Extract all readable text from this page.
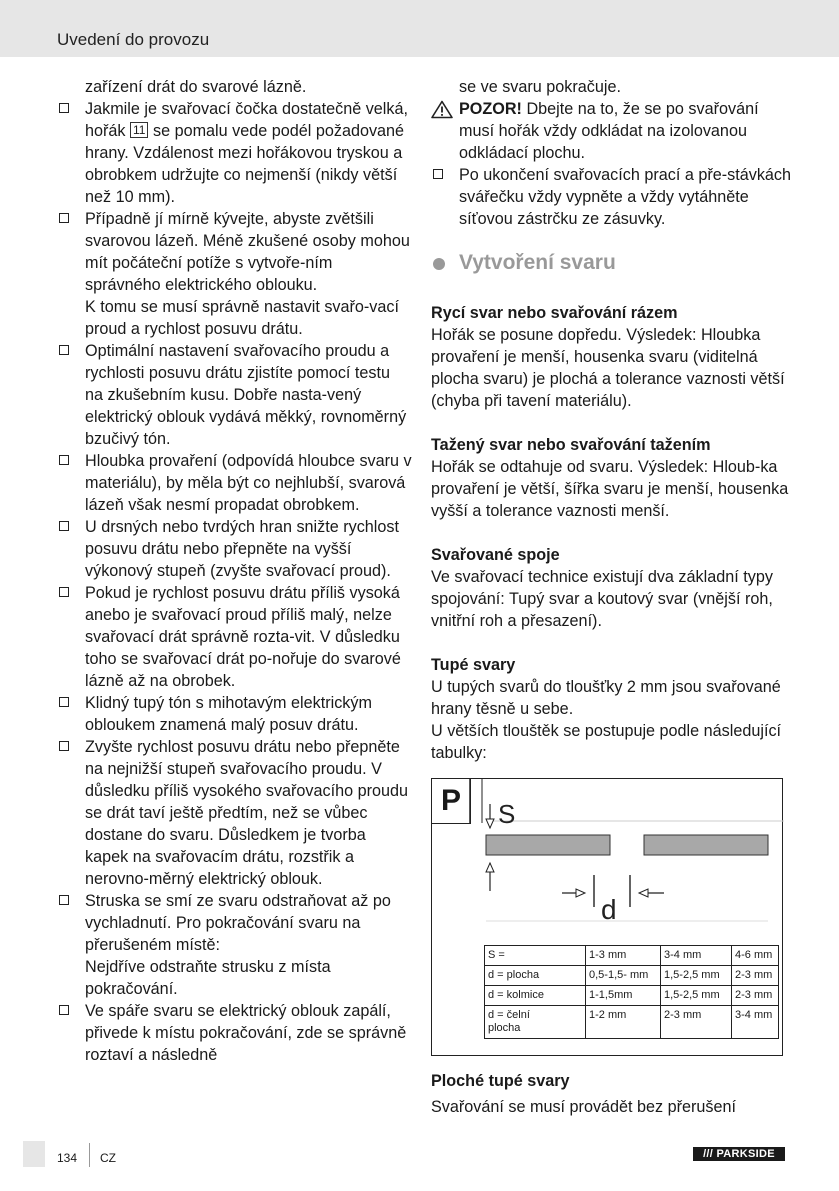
Uvedení do provozu

zařízení drát do svarové lázně.

Jakmile je svařovací čočka dostatečně velká, hořák 11 se pomalu vede podél požadované hrany. Vzdálenost mezi hořákovou tryskou a obrobkem udržujte co nejmenší (nikdy větší než 10 mm).
Případně jí mírně kývejte, abyste zvětšili svarovou lázeň. Méně zkušené osoby mohou mít počáteční potíže s vytvoře-ním správného elektrického oblouku.
K tomu se musí správně nastavit svařo-vací proud a rychlost posuvu drátu.
Optimální nastavení svařovacího proudu a rychlosti posuvu drátu zjistíte pomocí testu na zkušebním kusu. Dobře nasta-vený elektrický oblouk vydává měkký, rovnoměrný bzučivý tón.
Hloubka provaření (odpovídá hloubce svaru v materiálu), by měla být co nejhlubší, svarová lázeň však nesmí propadat obrobkem.
U drsných nebo tvrdých hran snižte rychlost posuvu drátu nebo přepněte na vyšší výkonový stupeň (zvyšte svařovací proud).
Pokud je rychlost posuvu drátu příliš vysoká anebo je svařovací proud příliš malý, nelze svařovací drát správně rozta-vit. V důsledku toho se svařovací drát po-nořuje do svarové lázně až na obrobek.
Klidný tupý tón s mihotavým elektrickým obloukem znamená malý posuv drátu.
Zvyšte rychlost posuvu drátu nebo přepněte na nejnižší stupeň svařovacího proudu. V důsledku příliš vysokého svařovacího proudu se drát taví ještě předtím, než se vůbec dostane do svaru. Důsledkem je tvorba kapek na svařovacím drátu, rozstřik a nerovno-měrný elektrický oblouk.
Struska se smí ze svaru odstraňovat až po vychladnutí. Pro pokračování svaru na přerušeném místě:
Nejdříve odstraňte strusku z místa pokračování.
Ve spáře svaru se elektrický oblouk zapálí, přivede k místu pokračování, zde se správně roztaví a následně

se ve svaru pokračuje.

POZOR! Dbejte na to, že se po svařování musí hořák vždy odkládat na izolovanou odkládací plochu.
Po ukončení svařovacích prací a pře-stávkách svářečku vždy vypněte a vždy vytáhněte síťovou zástrčku ze zásuvky.
Vytvoření svaru

Rycí svar nebo svařování rázem

Hořák se posune dopředu. Výsledek: Hloubka provaření je menší, housenka svaru (viditelná plocha svaru) je plochá a tolerance vaznosti větší (chyba při tavení materiálu).

Tažený svar nebo svařování tažením

Hořák se odtahuje od svaru. Výsledek: Hloub-ka provaření je větší, šířka svaru je menší, housenka vyšší a tolerance vaznosti menší.

Svařované spoje

Ve svařovací technice existují dva základní typy spojování: Tupý svar a koutový svar (vnější roh, vnitřní roh a přesazení).

Tupé svary

U tupých svarů do tloušťky 2 mm jsou svařované hrany těsně u sebe.

U větších tlouštěk se postupuje podle následující tabulky:

S
d
P
S =	1-3 mm	3-4 mm	4-6 mm
d = plocha	0,5-1,5- mm	1,5-2,5 mm	2-3 mm
d = kolmice	1-1,5mm	1,5-2,5 mm	2-3 mm
d = čelní plocha	1-2 mm	2-3 mm	3-4 mm

Ploché tupé svary

Svařování se musí provádět bez přerušení

134 CZ	/// PARKSIDE
